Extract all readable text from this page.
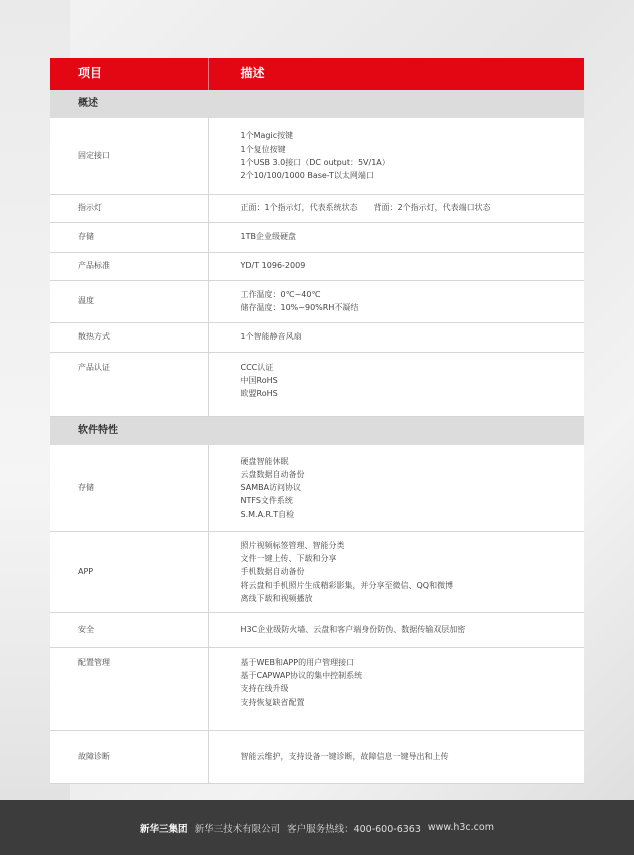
项目	描述
概述	
固定接口	1个Magic按键
1个复位按键
1个USB 3.0接口（DC output：5V/1A）
2个10/100/1000 Base-T以太网端口

指示灯	正面：1个指示灯，代表系统状态　　背面：2个指示灯，代表端口状态

存储	1TB企业级硬盘

产品标准	YD/T 1096-2009

温度	工作温度：0℃~40℃
储存温度：10%~90%RH不凝结

散热方式	1个智能静音风扇

产品认证	CCC认证
中国RoHS
欧盟RoHS

软件特性	
存储	硬盘智能休眠
云盘数据自动备份
SAMBA访问协议
NTFS文件系统
S.M.A.R.T自检

APP	照片视频标签管理、智能分类
文件一键上传、下载和分享
手机数据自动备份
将云盘和手机照片生成精彩影集，并分享至微信、QQ和微博
离线下载和视频播放

安全	H3C企业级防火墙、云盘和客户端身份防伪、数据传输双层加密

配置管理	基于WEB和APP的用户管理接口
基于CAPWAP协议的集中控制系统
支持在线升级
支持恢复缺省配置

故障诊断	智能云维护，支持设备一键诊断，故障信息一键导出和上传
新华三集团 新华三技术有限公司 客户服务热线：400-600-6363 www.h3c.com
